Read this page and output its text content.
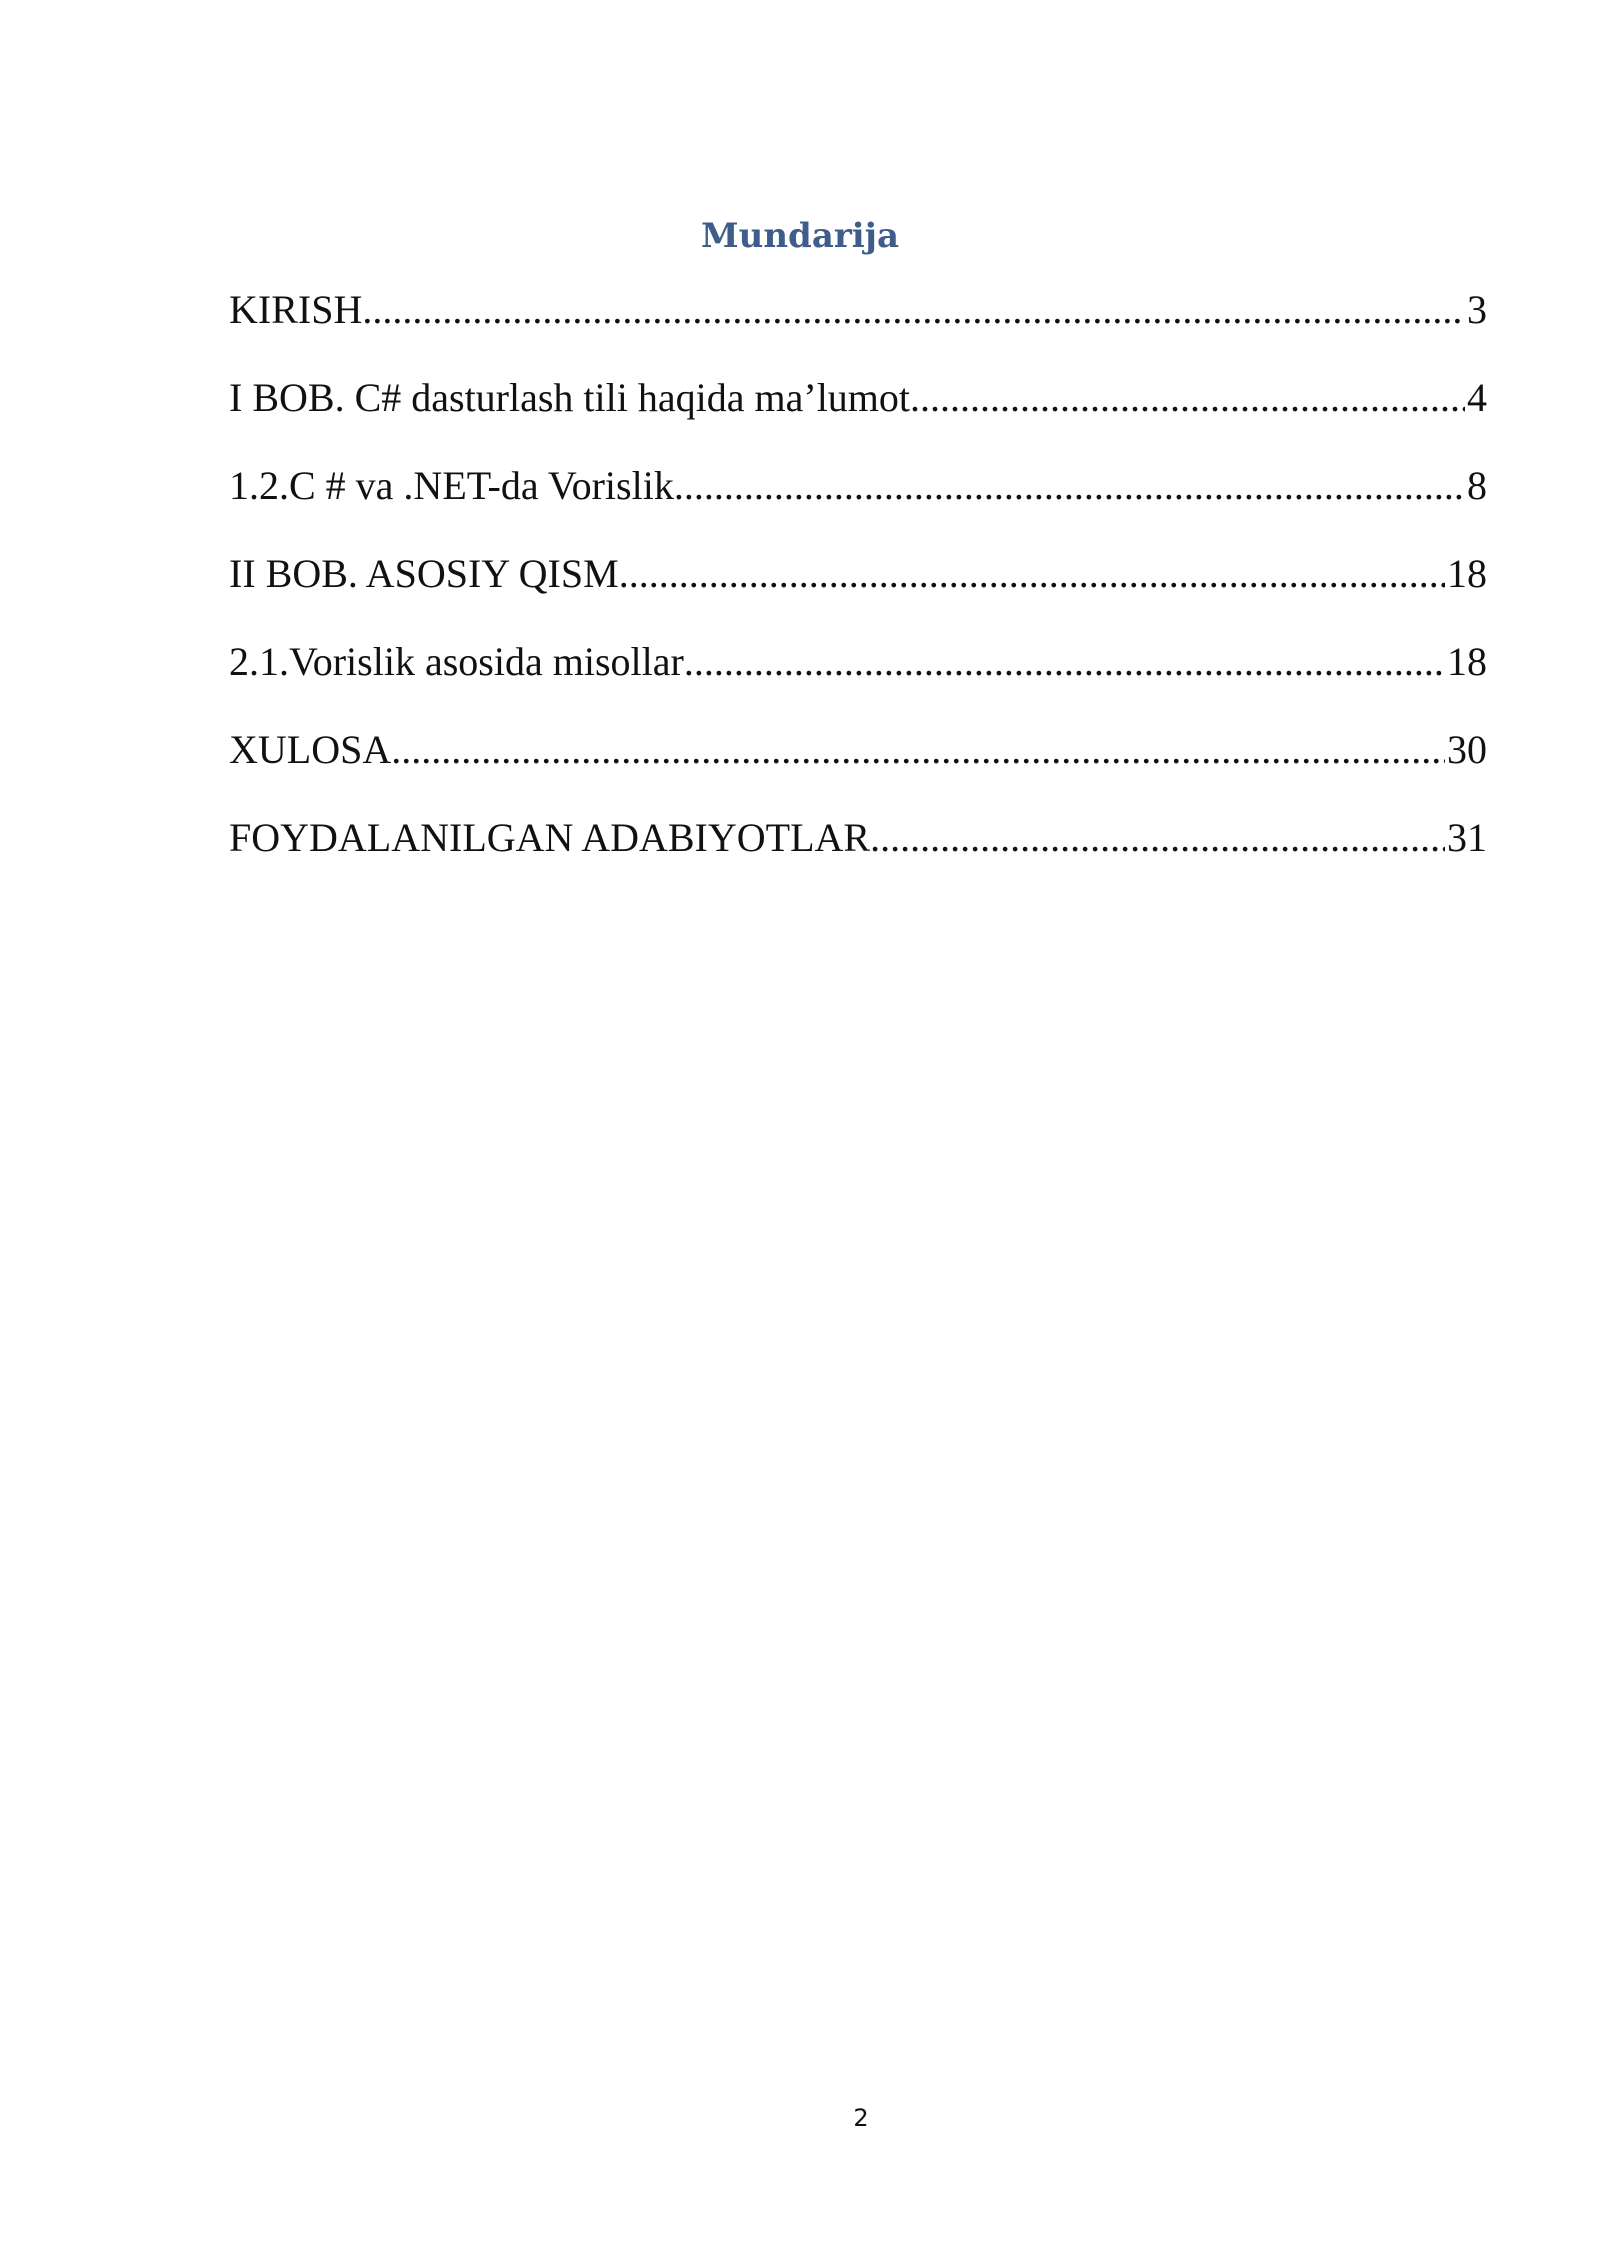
Mundarija
KIRISH .....	3
I BOB. C# dasturlash tili haqida ma’lumot .....	4
1.2.C # va .NET-da Vorislik .....	8
II BOB. ASOSIY QISM .....	18
2.1.Vorislik asosida misollar .....	18
XULOSA .....	30
FOYDALANILGAN ADABIYOTLAR .....	31
2
